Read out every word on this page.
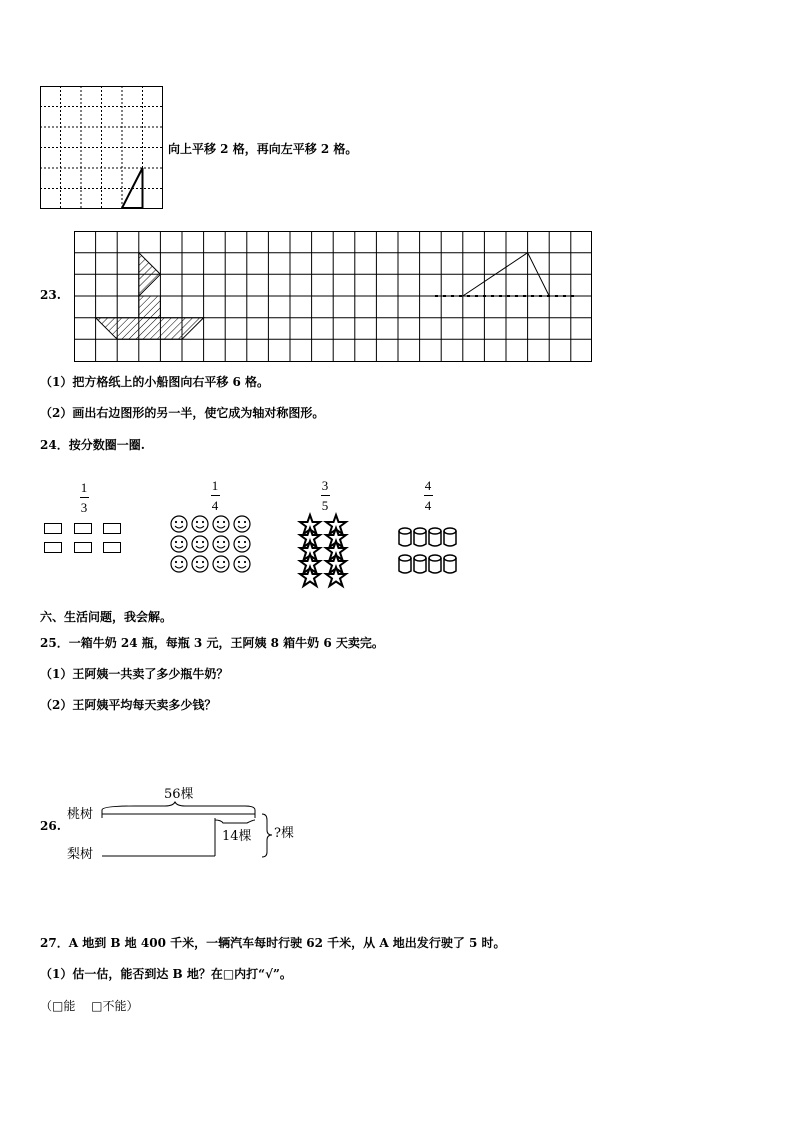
向上平移 2 格，再向左平移 2 格。
23.
（1）把方格纸上的小船图向右平移 6 格。
（2）画出右边图形的另一半，使它成为轴对称图形。
24．按分数圈一圈.
1
3
1
4
3
5
4
4
六、生活问题，我会解。
25．一箱牛奶 24 瓶，每瓶 3 元，王阿姨 8 箱牛奶 6 天卖完。
（1）王阿姨一共卖了多少瓶牛奶？
（2）王阿姨平均每天卖多少钱？
26.
桃树
梨树
56棵
14棵 ?棵
27．A 地到 B 地 400 千米，一辆汽车每时行驶 62 千米，从 A 地出发行驶了 5 时。
（1）估一估，能否到达 B 地？在□内打“√”。
（□能　 □不能）
